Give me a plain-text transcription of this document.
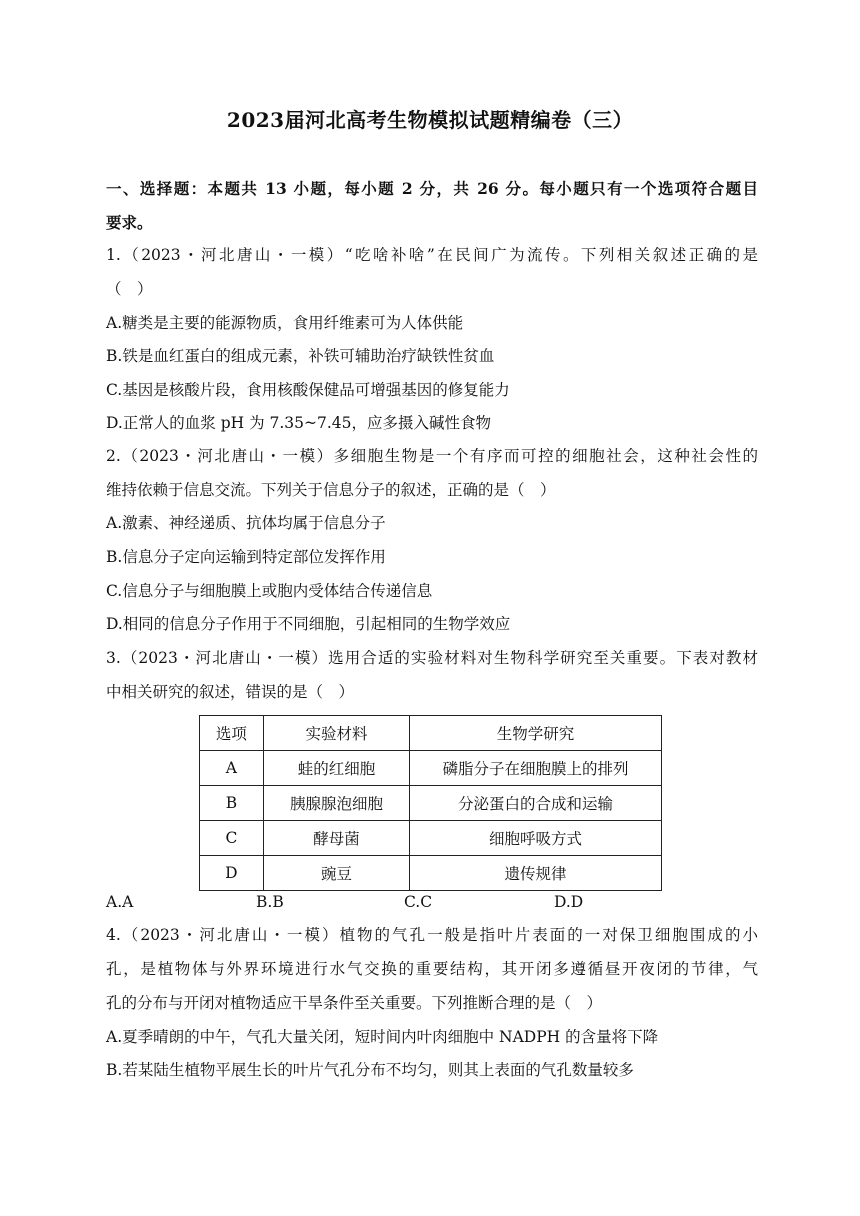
2023届河北高考生物模拟试题精编卷（三）
一、选择题：本题共 13 小题，每小题 2 分，共 26 分。每小题只有一个选项符合题目
要求。
1.（2023・河北唐山・一模）“吃啥补啥”在民间广为流传。下列相关叙述正确的是
（　）
A.糖类是主要的能源物质，食用纤维素可为人体供能
B.铁是血红蛋白的组成元素，补铁可辅助治疗缺铁性贫血
C.基因是核酸片段，食用核酸保健品可增强基因的修复能力
D.正常人的血浆 pH 为 7.35~7.45，应多摄入碱性食物
2.（2023・河北唐山・一模）多细胞生物是一个有序而可控的细胞社会，这种社会性的
维持依赖于信息交流。下列关于信息分子的叙述，正确的是（　）
A.激素、神经递质、抗体均属于信息分子
B.信息分子定向运输到特定部位发挥作用
C.信息分子与细胞膜上或胞内受体结合传递信息
D.相同的信息分子作用于不同细胞，引起相同的生物学效应
3.（2023・河北唐山・一模）选用合适的实验材料对生物科学研究至关重要。下表对教材
中相关研究的叙述，错误的是（　）
选项	实验材料	生物学研究
A	蛙的红细胞	磷脂分子在细胞膜上的排列
B	胰腺腺泡细胞	分泌蛋白的合成和运输
C	酵母菌	细胞呼吸方式
D	豌豆	遗传规律
A.A	B.B	C.C	D.D
4.（2023・河北唐山・一模）植物的气孔一般是指叶片表面的一对保卫细胞围成的小
孔，是植物体与外界环境进行水气交换的重要结构，其开闭多遵循昼开夜闭的节律，气
孔的分布与开闭对植物适应干旱条件至关重要。下列推断合理的是（　）
A.夏季晴朗的中午，气孔大量关闭，短时间内叶肉细胞中 NADPH 的含量将下降
B.若某陆生植物平展生长的叶片气孔分布不均匀，则其上表面的气孔数量较多
